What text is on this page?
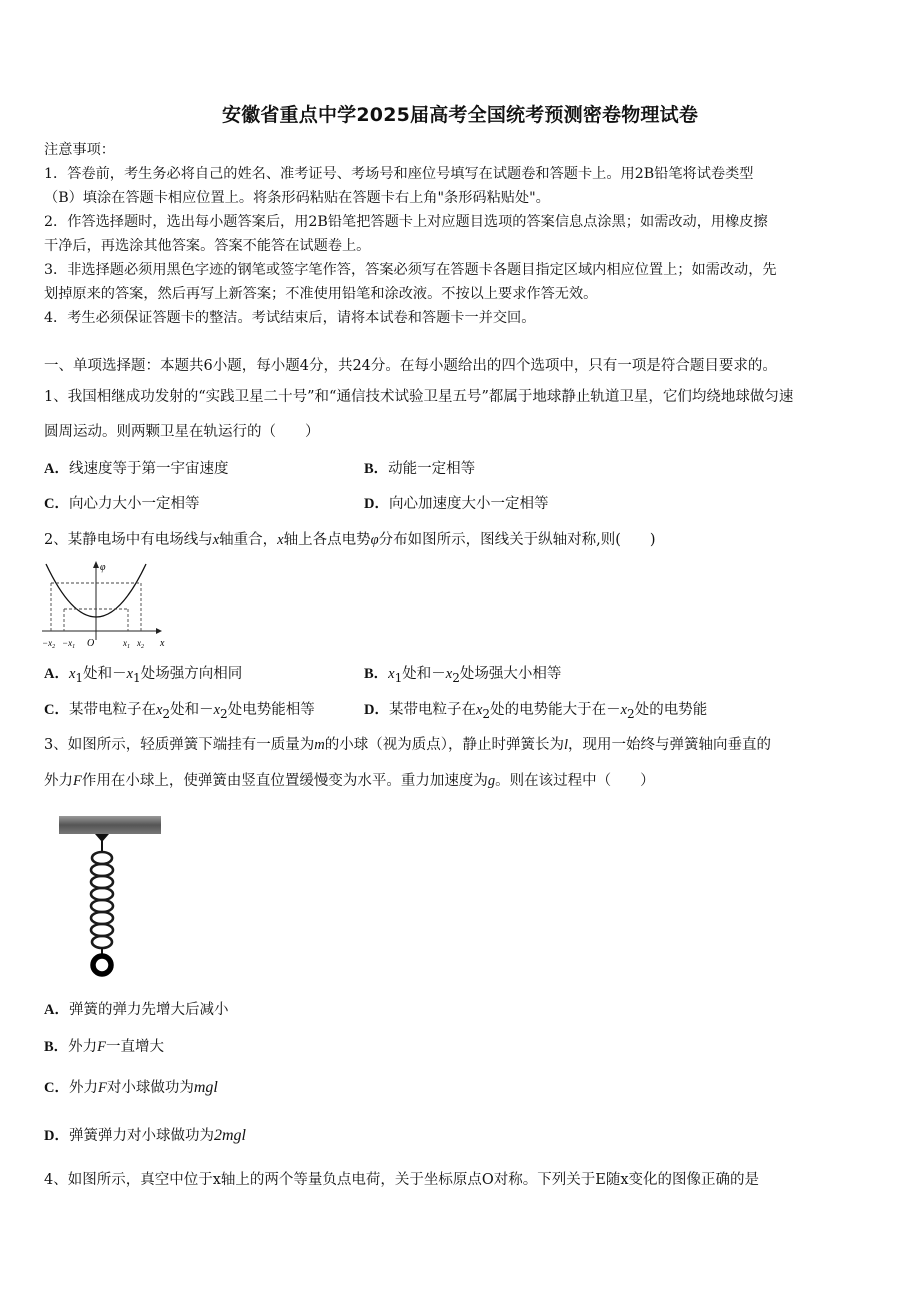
安徽省重点中学2025届高考全国统考预测密卷物理试卷
注意事项：
1．答卷前，考生务必将自己的姓名、准考证号、考场号和座位号填写在试题卷和答题卡上。用2B铅笔将试卷类型
（B）填涂在答题卡相应位置上。将条形码粘贴在答题卡右上角"条形码粘贴处"。
2．作答选择题时，选出每小题答案后，用2B铅笔把答题卡上对应题目选项的答案信息点涂黑；如需改动，用橡皮擦
干净后，再选涂其他答案。答案不能答在试题卷上。
3．非选择题必须用黑色字迹的钢笔或签字笔作答，答案必须写在答题卡各题目指定区域内相应位置上；如需改动，先
划掉原来的答案，然后再写上新答案；不准使用铅笔和涂改液。不按以上要求作答无效。
4．考生必须保证答题卡的整洁。考试结束后，请将本试卷和答题卡一并交回。
一、单项选择题：本题共6小题，每小题4分，共24分。在每小题给出的四个选项中，只有一项是符合题目要求的。
1、我国相继成功发射的“实践卫星二十号”和“通信技术试验卫星五号”都属于地球静止轨道卫星，它们均绕地球做匀速
圆周运动。则两颗卫星在轨运行的（　　）
A．线速度等于第一宇宙速度	B．动能一定相等
C．向心力大小一定相等	D．向心加速度大小一定相等
2、某静电场中有电场线与x轴重合，x轴上各点电势φ分布如图所示，图线关于纵轴对称,则(　　)
φ
x
O
$-x_2 -x_1$	$x_1$ $x_2$
A．$x_1$处和$-x_1$处场强方向相同	B．$x_1$处和$-x_2$处场强大小相等
C．某带电粒子在$x_2$处和$-x_2$处电势能相等	D．某带电粒子在$x_2$处的电势能大于在$-x_2$处的电势能
3、如图所示，轻质弹簧下端挂有一质量为m的小球（视为质点），静止时弹簧长为l，现用一始终与弹簧轴向垂直的
外力F作用在小球上，使弹簧由竖直位置缓慢变为水平。重力加速度为g。则在该过程中（　　）
A．弹簧的弹力先增大后减小
B．外力F一直增大
C．外力F对小球做功为mgl
D．弹簧弹力对小球做功为2mgl
4、如图所示，真空中位于x轴上的两个等量负点电荷，关于坐标原点O对称。下列关于E随x变化的图像正确的是
